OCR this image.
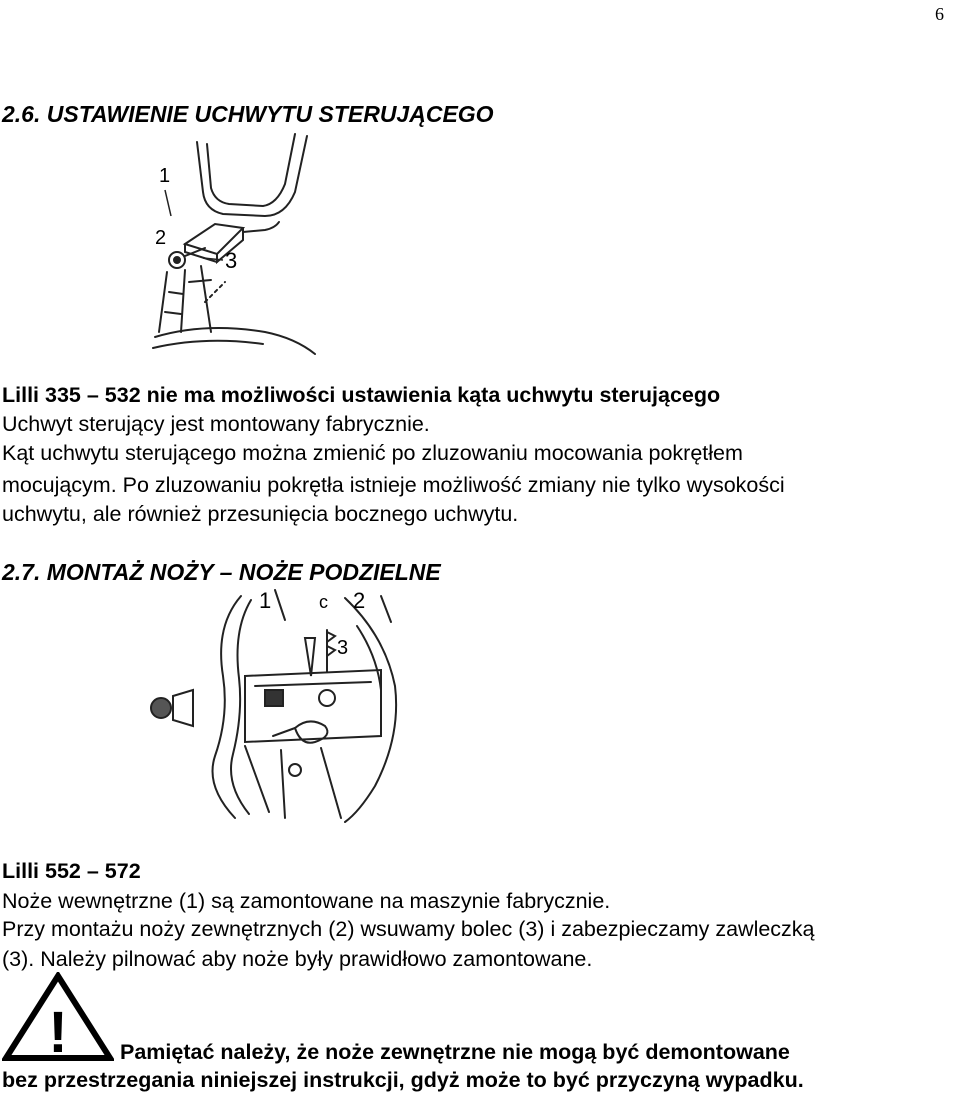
6
2.6. USTAWIENIE UCHWYTU STERUJĄCEGO
1
2
3
Lilli 335 – 532 nie ma możliwości ustawienia kąta uchwytu sterującego
Uchwyt sterujący jest montowany fabrycznie.
Kąt uchwytu sterującego można zmienić po zluzowaniu mocowania pokrętłem
mocującym. Po zluzowaniu pokrętła istnieje możliwość zmiany nie tylko wysokości
uchwytu, ale również przesunięcia bocznego uchwytu.
2.7. MONTAŻ NOŻY – NOŻE PODZIELNE
1	c 2
3
Lilli 552 – 572
Noże wewnętrzne (1) są zamontowane na maszynie fabrycznie.
Przy montażu noży zewnętrznych (2) wsuwamy bolec (3) i zabezpieczamy zawleczką
(3). Należy pilnować aby noże były prawidłowo zamontowane.
! Pamiętać należy, że noże zewnętrzne nie mogą być demontowane
bez przestrzegania niniejszej instrukcji, gdyż może to być przyczyną wypadku.
